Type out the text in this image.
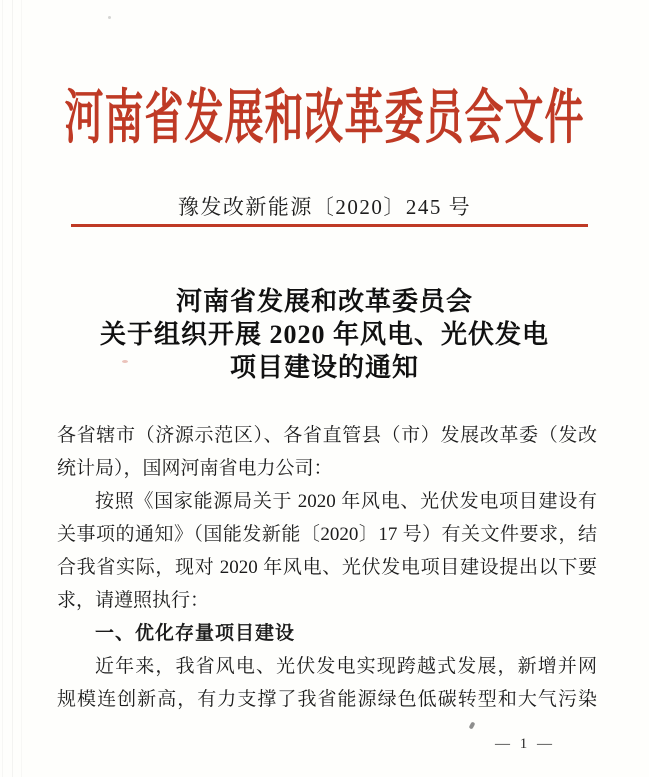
河南省发展和改革委员会文件
豫发改新能源〔2020〕245 号
河南省发展和改革委员会
关于组织开展 2020 年风电、光伏发电
项目建设的通知
各省辖市（济源示范区）、各省直管县（市）发展改革委（发改
统计局），国网河南省电力公司：
按照《国家能源局关于 2020 年风电、光伏发电项目建设有
关事项的通知》（国能发新能〔2020〕17 号）有关文件要求，结
合我省实际，现对 2020 年风电、光伏发电项目建设提出以下要
求，请遵照执行：
一、优化存量项目建设
近年来，我省风电、光伏发电实现跨越式发展，新增并网
规模连创新高，有力支撑了我省能源绿色低碳转型和大气污染
— 1 —
